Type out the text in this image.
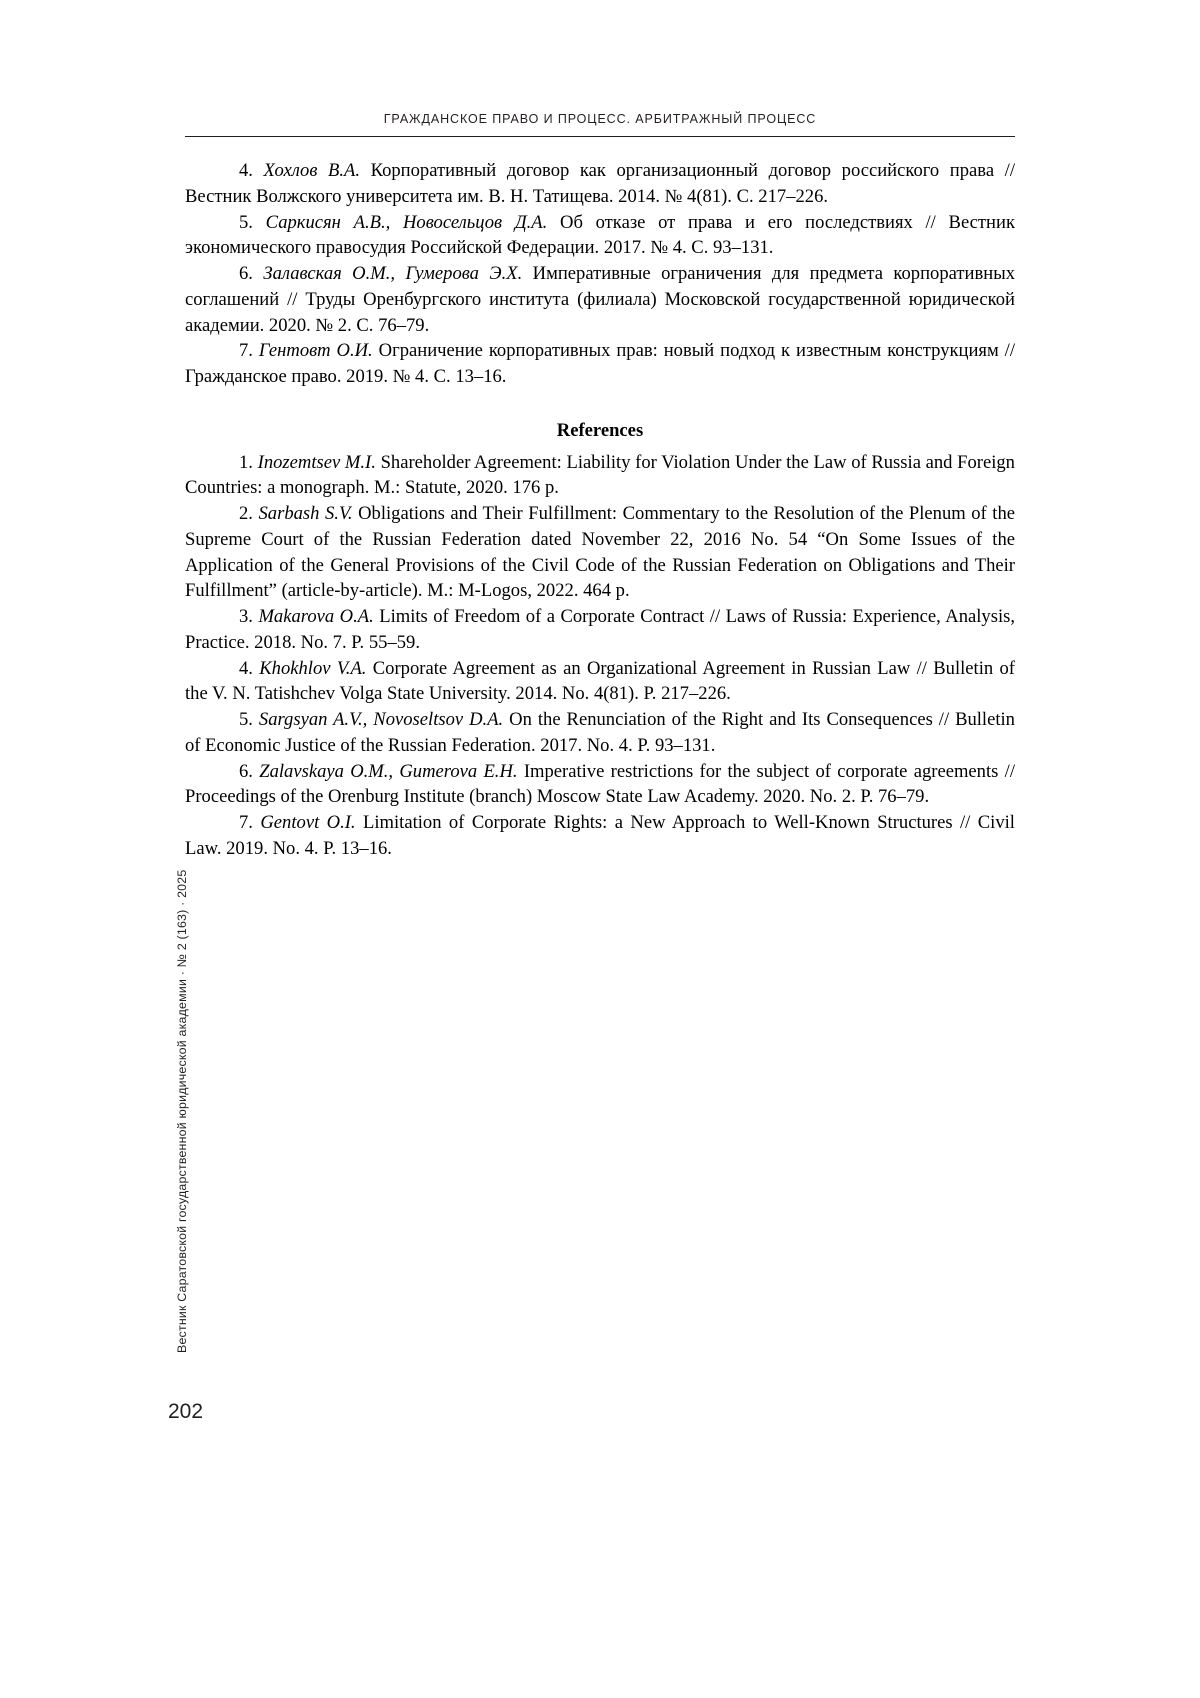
ГРАЖДАНСКОЕ ПРАВО И ПРОЦЕСС. АРБИТРАЖНЫЙ ПРОЦЕСС

4. Хохлов В.А. Корпоративный договор как организационный договор российского права // Вестник Волжского университета им. В. Н. Татищева. 2014. № 4(81). С. 217–226.

5. Саркисян А.В., Новосельцов Д.А. Об отказе от права и его последствиях // Вестник экономического правосудия Российской Федерации. 2017. № 4. С. 93–131.

6. Залавская О.М., Гумерова Э.Х. Императивные ограничения для предмета корпоративных соглашений // Труды Оренбургского института (филиала) Московской государственной юридической академии. 2020. № 2. С. 76–79.

7. Гентовт О.И. Ограничение корпоративных прав: новый подход к известным конструкциям // Гражданское право. 2019. № 4. С. 13–16.

References

1. Inozemtsev M.I. Shareholder Agreement: Liability for Violation Under the Law of Russia and Foreign Countries: a monograph. M.: Statute, 2020. 176 p.

2. Sarbash S.V. Obligations and Their Fulfillment: Commentary to the Resolution of the Plenum of the Supreme Court of the Russian Federation dated November 22, 2016 No. 54 “On Some Issues of the Application of the General Provisions of the Civil Code of the Russian Federation on Obligations and Their Fulfillment” (article-by-article). M.: M-Logos, 2022. 464 p.

3. Makarova O.A. Limits of Freedom of a Corporate Contract // Laws of Russia: Experience, Analysis, Practice. 2018. No. 7. P. 55–59.

4. Khokhlov V.A. Corporate Agreement as an Organizational Agreement in Russian Law // Bulletin of the V. N. Tatishchev Volga State University. 2014. No. 4(81). P. 217–226.

5. Sargsyan A.V., Novoseltsov D.A. On the Renunciation of the Right and Its Consequences // Bulletin of Economic Justice of the Russian Federation. 2017. No. 4. P. 93–131.

6. Zalavskaya O.M., Gumerova E.H. Imperative restrictions for the subject of corporate agreements // Proceedings of the Orenburg Institute (branch) Moscow State Law Academy. 2020. No. 2. P. 76–79.

7. Gentovt O.I. Limitation of Corporate Rights: a New Approach to Well-Known Structures // Civil Law. 2019. No. 4. P. 13–16.

Вестник Саратовской государственной юридической академии · № 2 (163) · 2025
202
